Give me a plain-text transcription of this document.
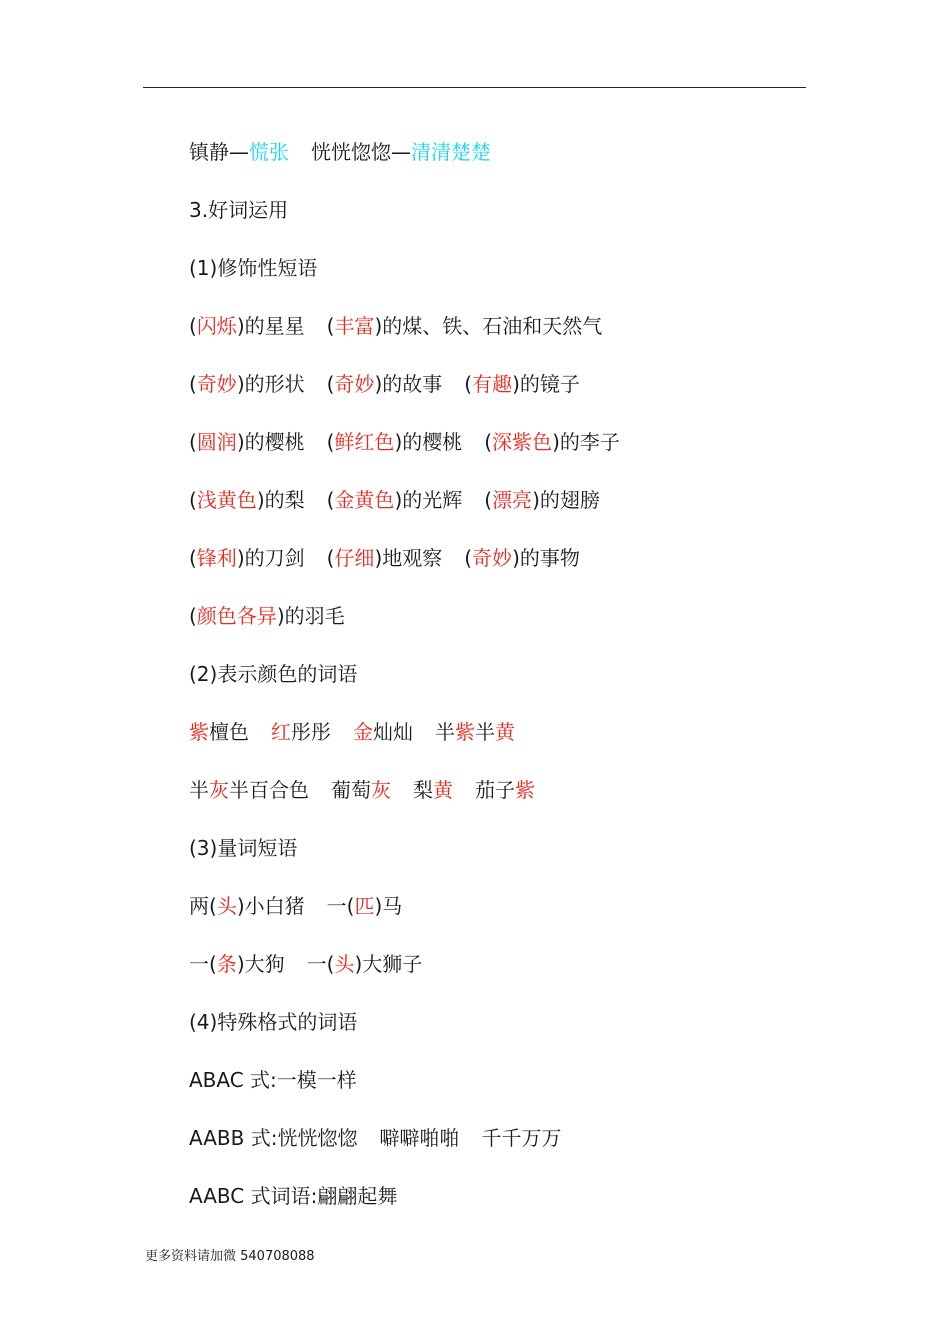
镇静—慌张 恍恍惚惚—清清楚楚
3.好词运用
(1)修饰性短语
(闪烁)的星星 (丰富)的煤、铁、石油和天然气
(奇妙)的形状 (奇妙)的故事 (有趣)的镜子
(圆润)的樱桃 (鲜红色)的樱桃 (深紫色)的李子
(浅黄色)的梨 (金黄色)的光辉 (漂亮)的翅膀
(锋利)的刀剑 (仔细)地观察 (奇妙)的事物
(颜色各异)的羽毛
(2)表示颜色的词语
紫檀色 红彤彤 金灿灿 半紫半黄
半灰半百合色 葡萄灰 梨黄 茄子紫
(3)量词短语
两(头)小白猪 一(匹)马
一(条)大狗 一(头)大狮子
(4)特殊格式的词语
ABAC 式:一模一样
AABB 式:恍恍惚惚 噼噼啪啪 千千万万
AABC 式词语:翩翩起舞
更多资料请加微 540708088
